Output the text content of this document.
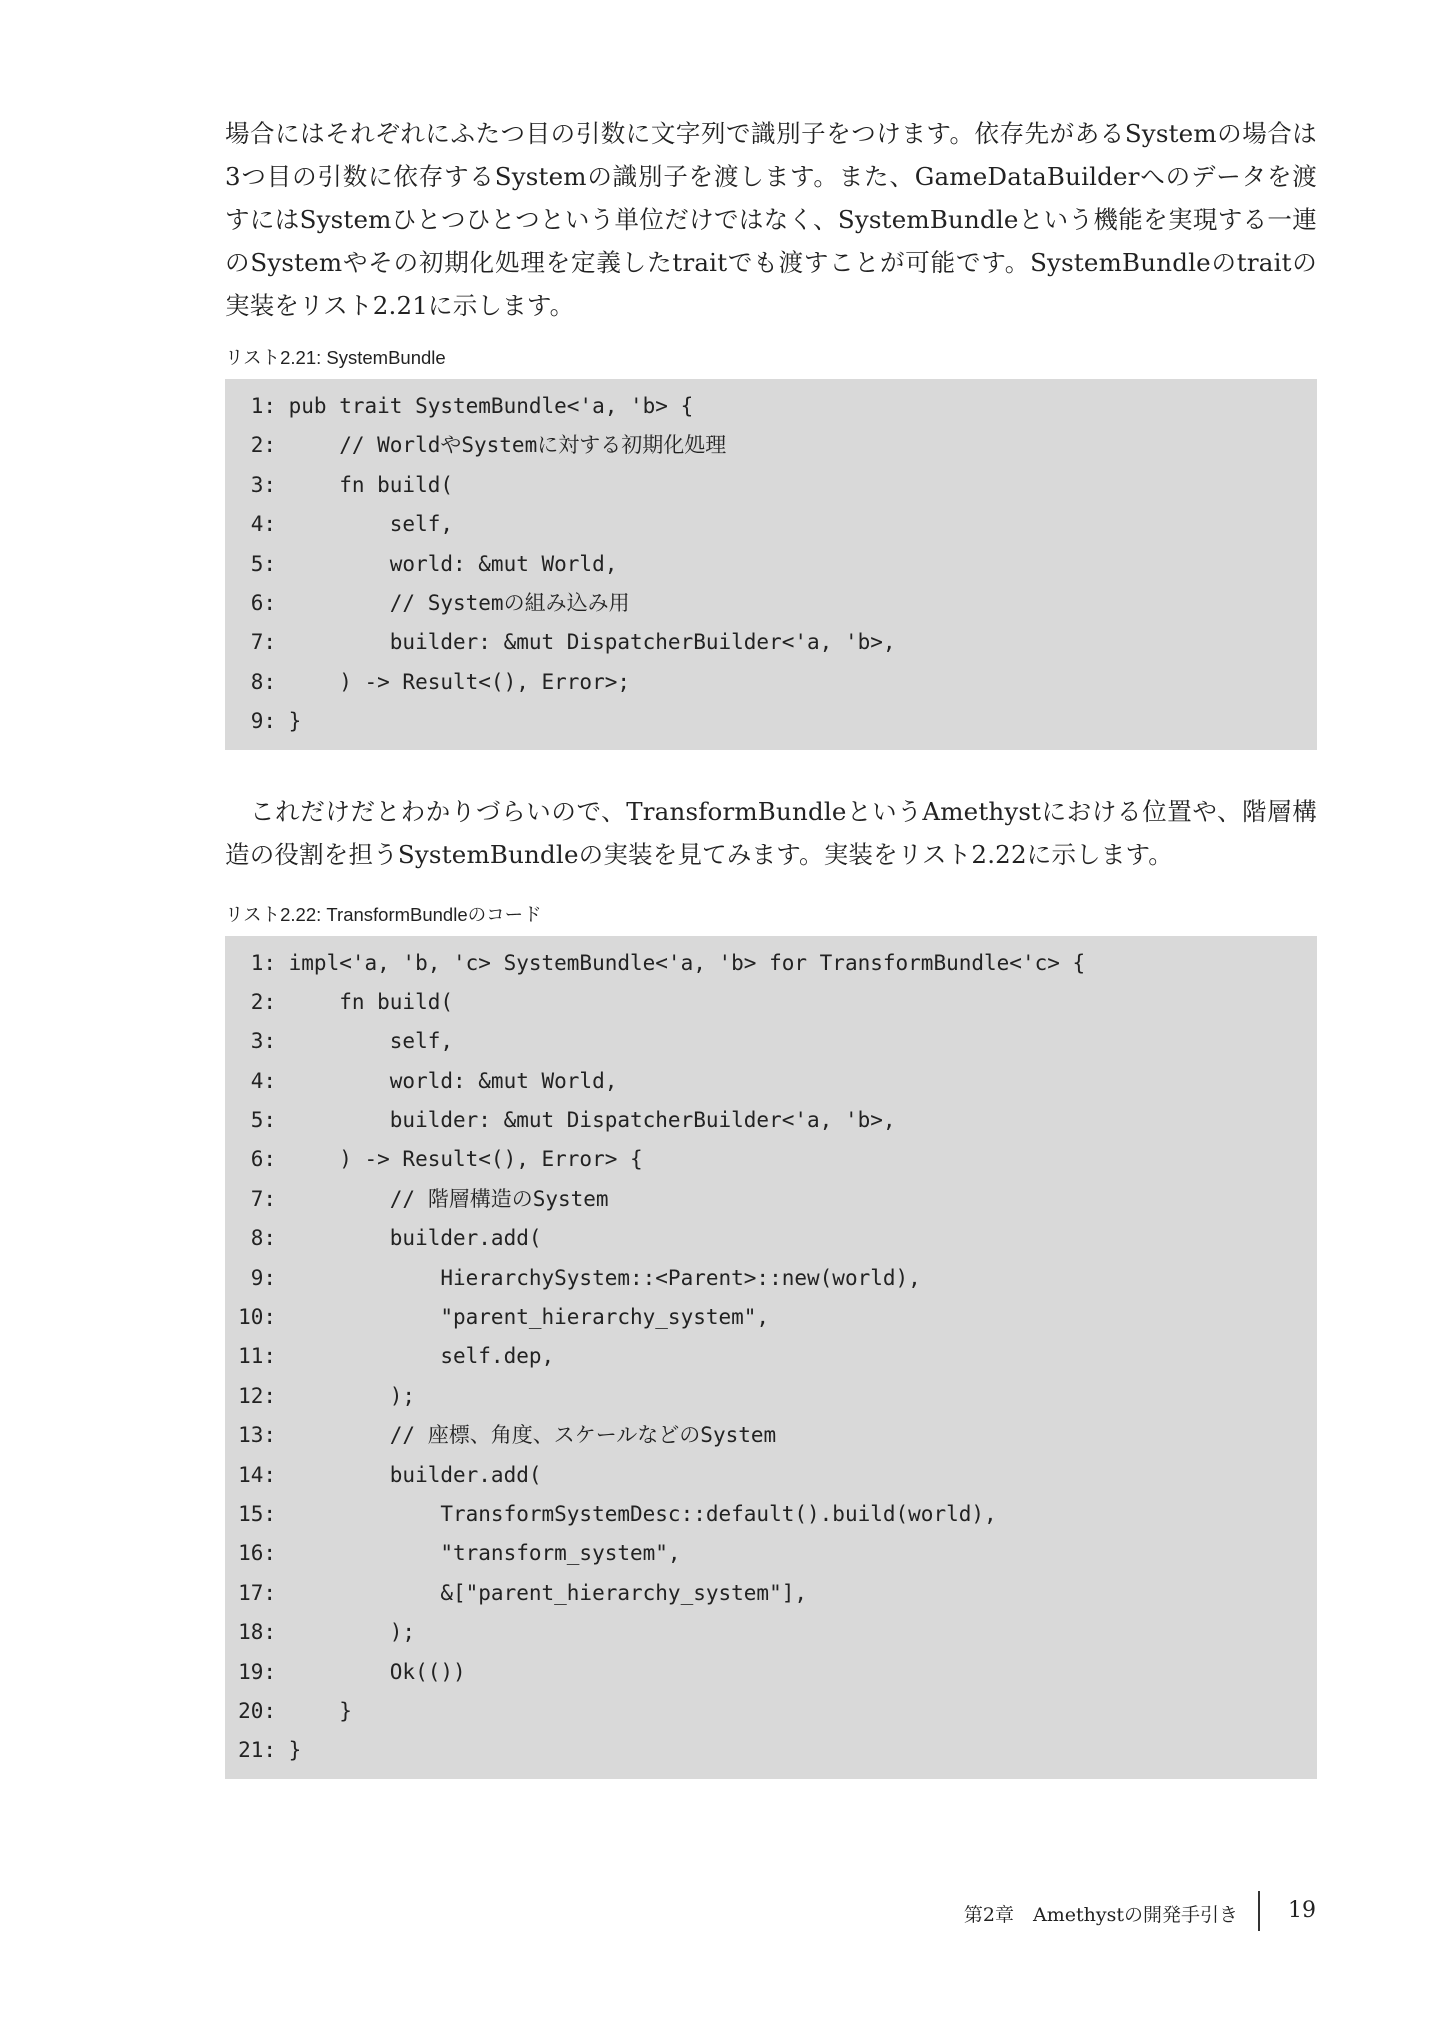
場合にはそれぞれにふたつ目の引数に文字列で識別子をつけます。依存先があるSystemの場合は3つ目の引数に依存するSystemの識別子を渡します。また、GameDataBuilderへのデータを渡すにはSystemひとつひとつという単位だけではなく、SystemBundleという機能を実現する一連のSystemやその初期化処理を定義したtraitでも渡すことが可能です。SystemBundleのtraitの実装をリスト2.21に示します。

リスト2.21: SystemBundle

1: pub trait SystemBundle<'a, 'b> {
2:     // WorldやSystemに対する初期化処理
3:     fn build(
4:         self,
5:         world: &mut World,
6:         // Systemの組み込み用
7:         builder: &mut DispatcherBuilder<'a, 'b>,
8:     ) -> Result<(), Error>;
9: }

これだけだとわかりづらいので、TransformBundleというAmethystにおける位置や、階層構造の役割を担うSystemBundleの実装を見てみます。実装をリスト2.22に示します。

リスト2.22: TransformBundleのコード

1: impl<'a, 'b, 'c> SystemBundle<'a, 'b> for TransformBundle<'c> {
2:     fn build(
3:         self,
4:         world: &mut World,
5:         builder: &mut DispatcherBuilder<'a, 'b>,
6:     ) -> Result<(), Error> {
7:         // 階層構造のSystem
8:         builder.add(
9:             HierarchySystem::<Parent>::new(world),
10:             "parent_hierarchy_system",
11:             self.dep,
12:         );
13:         // 座標、角度、スケールなどのSystem
14:         builder.add(
15:             TransformSystemDesc::default().build(world),
16:             "transform_system",
17:             &["parent_hierarchy_system"],
18:         );
19:         Ok(())
20:     }
21: }
第2章　Amethystの開発手引き 19
